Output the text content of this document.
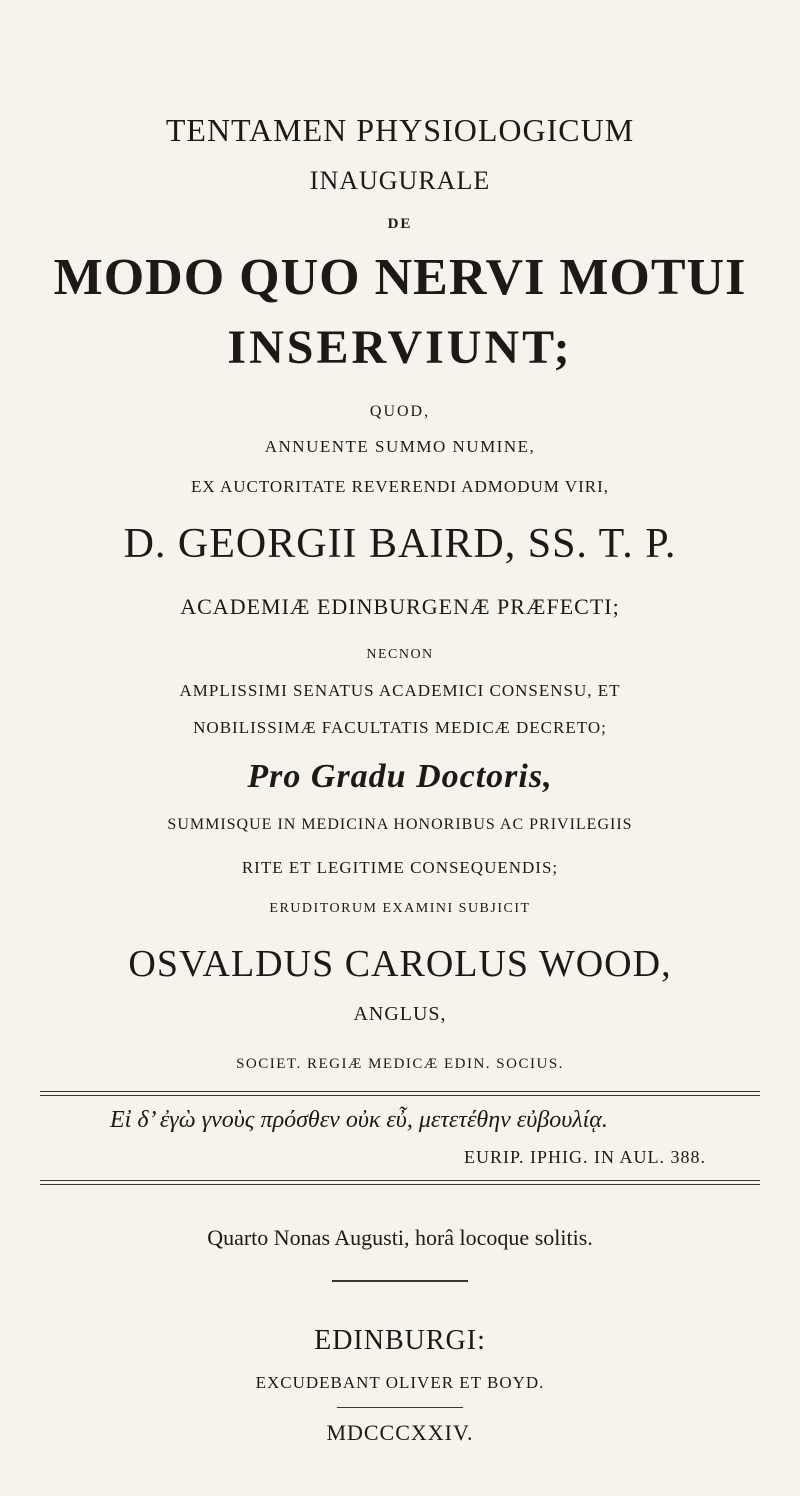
TENTAMEN PHYSIOLOGICUM
INAUGURALE
DE
MODO QUO NERVI MOTUI
INSERVIUNT;
QUOD,
ANNUENTE SUMMO NUMINE,
EX AUCTORITATE REVERENDI ADMODUM VIRI,
D. GEORGII BAIRD, SS. T. P.
ACADEMIÆ EDINBURGENÆ PRÆFECTI;
NECNON
AMPLISSIMI SENATUS ACADEMICI CONSENSU, ET
NOBILISSIMÆ FACULTATIS MEDICÆ DECRETO;
Pro Gradu Doctoris,
SUMMISQUE IN MEDICINA HONORIBUS AC PRIVILEGIIS
RITE ET LEGITIME CONSEQUENDIS;
ERUDITORUM EXAMINI SUBJICIT
OSVALDUS CAROLUS WOOD,
ANGLUS,
SOCIET. REGIÆ MEDICÆ EDIN. SOCIUS.
Εἰ δ’ ἐγὼ γνοὺς πρόσθεν οὐκ εὖ, μετετέθην εὐβουλίᾳ.
EURIP. IPHIG. IN AUL. 388.
Quarto Nonas Augusti, horâ locoque solitis.
EDINBURGI:
EXCUDEBANT OLIVER ET BOYD.
MDCCCXXIV.
